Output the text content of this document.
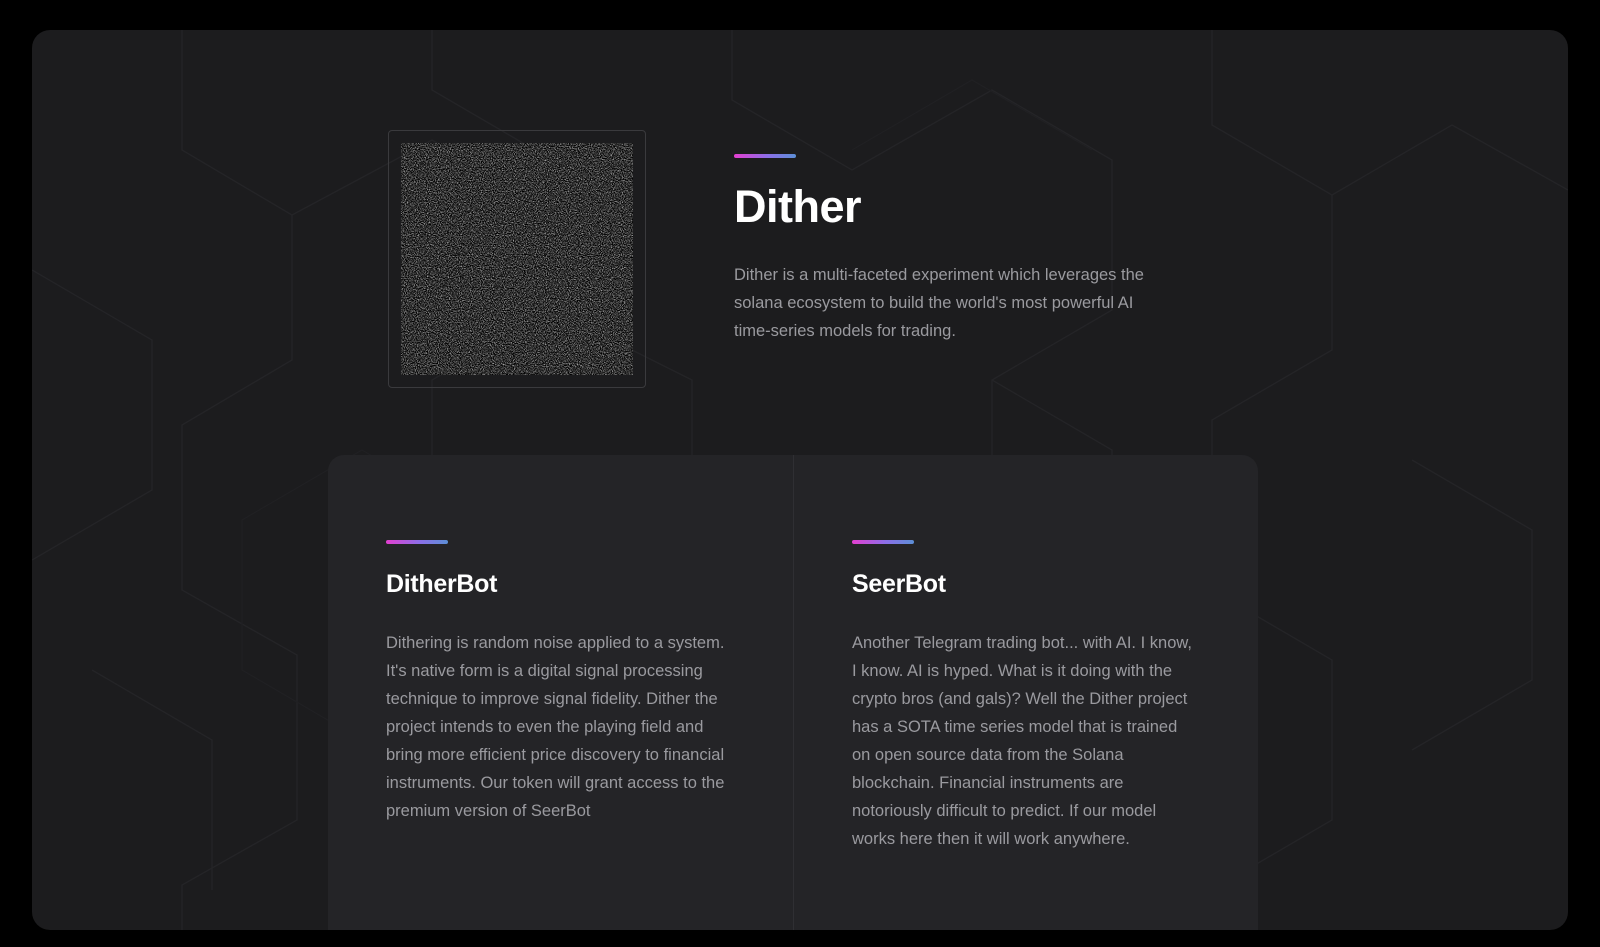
Dither

Dither is a multi-faceted experiment which leverages the solana ecosystem to build the world's most powerful AI time-series models for trading.

DitherBot

Dithering is random noise applied to a system. It's native form is a digital signal processing technique to improve signal fidelity. Dither the project intends to even the playing field and bring more efficient price discovery to financial instruments. Our token will grant access to the premium version of SeerBot

SeerBot

Another Telegram trading bot... with AI. I know, I know. AI is hyped. What is it doing with the crypto bros (and gals)? Well the Dither project has a SOTA time series model that is trained on open source data from the Solana blockchain. Financial instruments are notoriously difficult to predict. If our model works here then it will work anywhere.
